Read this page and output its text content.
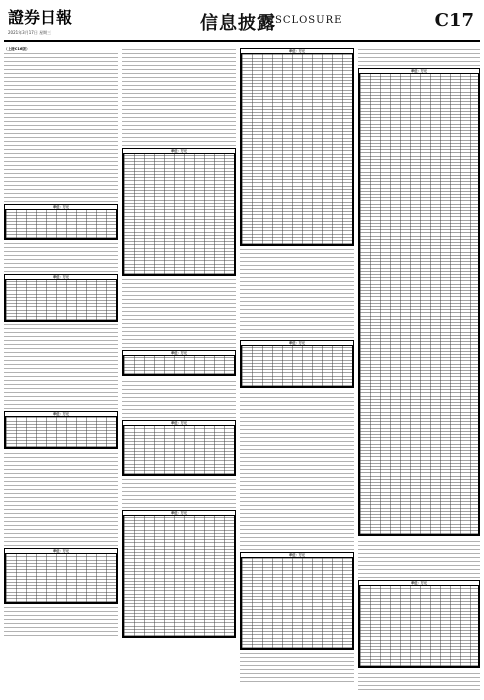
證券日報
2021年3月17日 星期三	信息披露
DISCLOSURE	C17
（上接C16版）
单位：万元
单位：万元
单位：万元
单位：万元
单位：万元
单位：万元
单位：万元
单位：万元
单位：万元
单位：万元
单位：万元
单位：万元
单位：万元
